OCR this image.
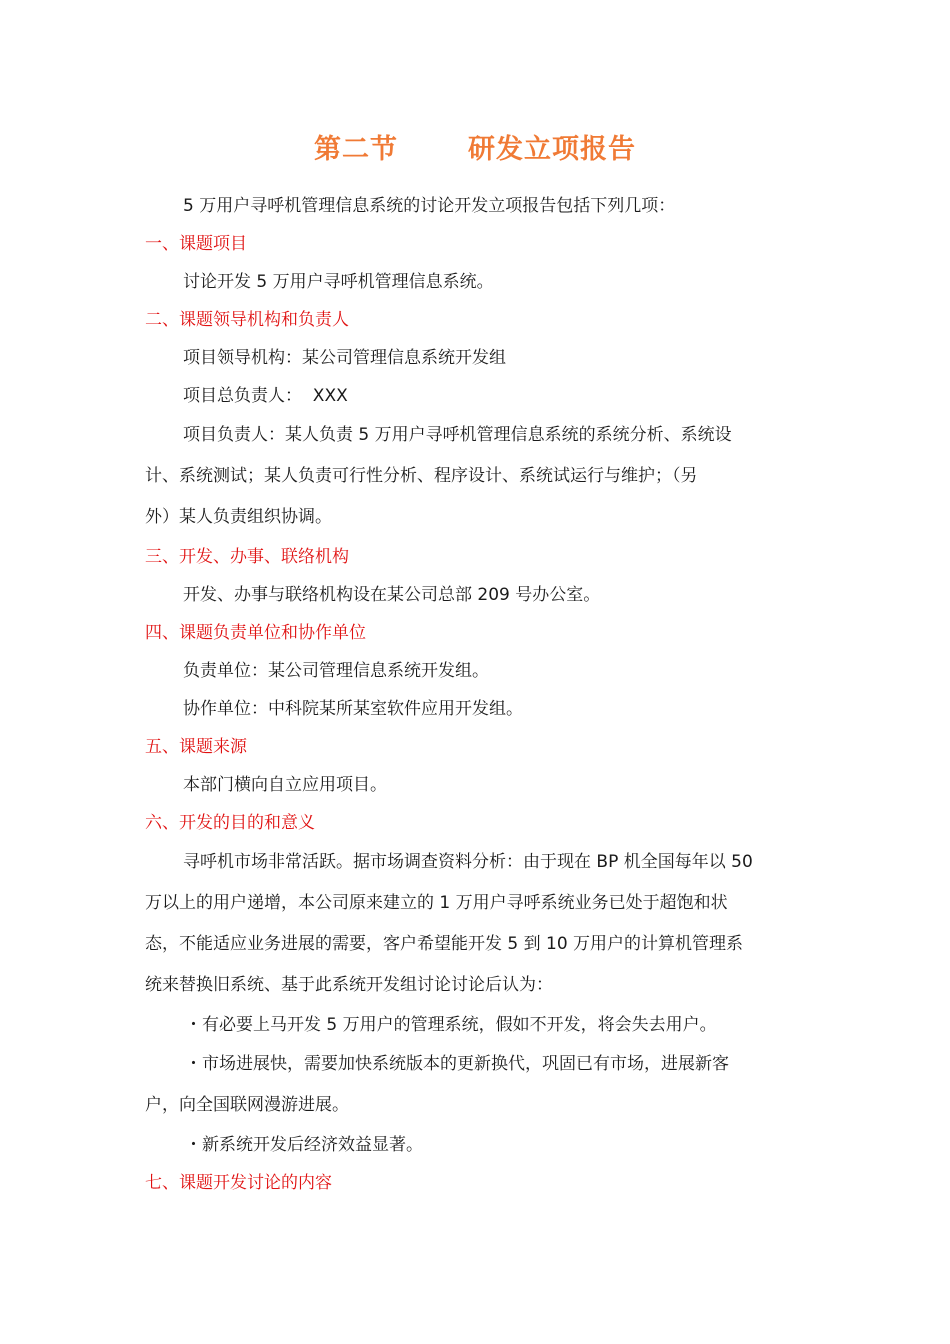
第二节	研发立项报告
5 万用户寻呼机管理信息系统的讨论开发立项报告包括下列几项：
一、课题项目
讨论开发 5 万用户寻呼机管理信息系统。
二、课题领导机构和负责人
项目领导机构：某公司管理信息系统开发组
项目总负责人：  XXX
项目负责人：某人负责 5 万用户寻呼机管理信息系统的系统分析、系统设
计、系统测试；某人负责可行性分析、程序设计、系统试运行与维护；（另
外）某人负责组织协调。
三、开发、办事、联络机构
开发、办事与联络机构设在某公司总部 209 号办公室。
四、课题负责单位和协作单位
负责单位：某公司管理信息系统开发组。
协作单位：中科院某所某室软件应用开发组。
五、课题来源
本部门横向自立应用项目。
六、开发的目的和意义
寻呼机市场非常活跃。据市场调查资料分析：由于现在 BP 机全国每年以 50
万以上的用户递增，本公司原来建立的 1 万用户寻呼系统业务已处于超饱和状
态，不能适应业务进展的需要，客户希望能开发 5 到 10 万用户的计算机管理系
统来替换旧系统、基于此系统开发组讨论讨论后认为：
・有必要上马开发 5 万用户的管理系统，假如不开发，将会失去用户。
・市场进展快，需要加快系统版本的更新换代，巩固已有市场，进展新客
户，向全国联网漫游进展。
・新系统开发后经济效益显著。
七、课题开发讨论的内容
